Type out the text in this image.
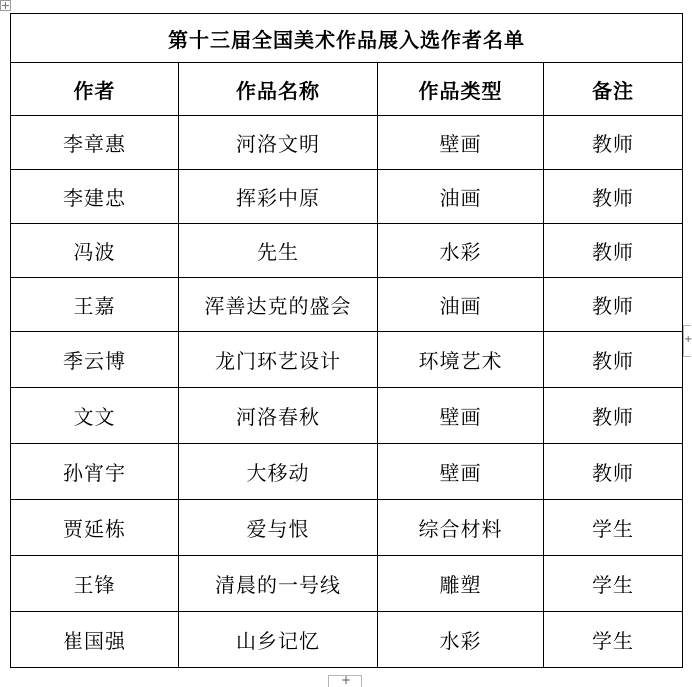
第十三届全国美术作品展入选作者名单			
作者	作品名称	作品类型	备注
李章惠	河洛文明	壁画	教师
李建忠	挥彩中原	油画	教师
冯波	先生	水彩	教师
王嘉	浑善达克的盛会	油画	教师
季云博	龙门环艺设计	环境艺术	教师
文文	河洛春秋	壁画	教师
孙宵宇	大移动	壁画	教师
贾延栋	爱与恨	综合材料	学生
王锋	清晨的一号线	雕塑	学生
崔国强	山乡记忆	水彩	学生
+
+
